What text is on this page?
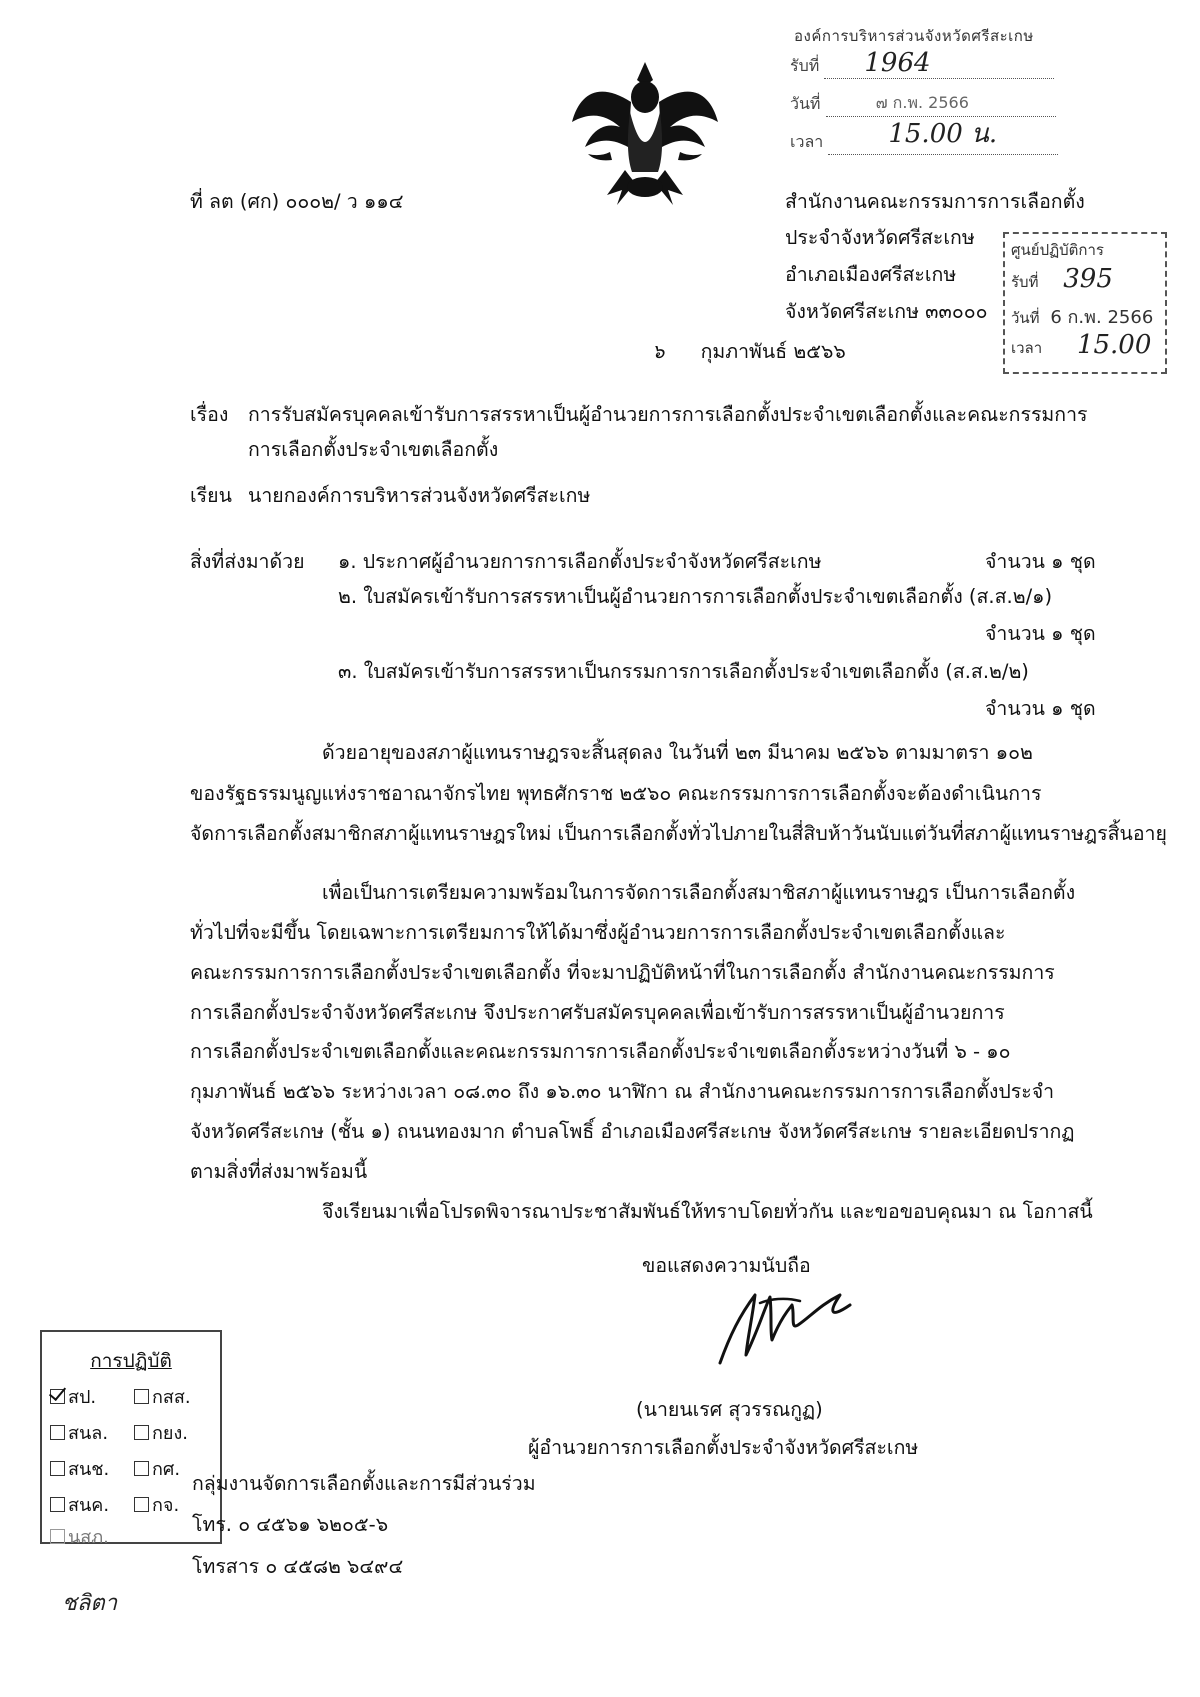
องค์การบริหารส่วนจังหวัดศรีสะเกษ
รับที่ 1964
วันที่	๗ ก.พ. 2566
เวลา	15.00 น.
ศูนย์ปฏิบัติการ
รับที่ 395
วันที่ 6 ก.พ. 2566
เวลา 15.00
ที่ ลต (ศก) ๐๐๐๒/ ว ๑๑๔	สำนักงานคณะกรรมการการเลือกตั้ง
ประจำจังหวัดศรีสะเกษ
อำเภอเมืองศรีสะเกษ
จังหวัดศรีสะเกษ ๓๓๐๐๐
๖ กุมภาพันธ์ ๒๕๖๖
เรื่อง การรับสมัครบุคคลเข้ารับการสรรหาเป็นผู้อำนวยการการเลือกตั้งประจำเขตเลือกตั้งและคณะกรรมการ
การเลือกตั้งประจำเขตเลือกตั้ง
เรียน นายกองค์การบริหารส่วนจังหวัดศรีสะเกษ
สิ่งที่ส่งมาด้วย ๑. ประกาศผู้อำนวยการการเลือกตั้งประจำจังหวัดศรีสะเกษ	จำนวน ๑ ชุด
๒. ใบสมัครเข้ารับการสรรหาเป็นผู้อำนวยการการเลือกตั้งประจำเขตเลือกตั้ง (ส.ส.๒/๑)
จำนวน ๑ ชุด
๓. ใบสมัครเข้ารับการสรรหาเป็นกรรมการการเลือกตั้งประจำเขตเลือกตั้ง (ส.ส.๒/๒)
จำนวน ๑ ชุด
ด้วยอายุของสภาผู้แทนราษฎรจะสิ้นสุดลง ในวันที่ ๒๓ มีนาคม ๒๕๖๖ ตามมาตรา ๑๐๒
ของรัฐธรรมนูญแห่งราชอาณาจักรไทย พุทธศักราช ๒๕๖๐ คณะกรรมการการเลือกตั้งจะต้องดำเนินการ
จัดการเลือกตั้งสมาชิกสภาผู้แทนราษฎรใหม่ เป็นการเลือกตั้งทั่วไปภายในสี่สิบห้าวันนับแต่วันที่สภาผู้แทนราษฎรสิ้นอายุ
เพื่อเป็นการเตรียมความพร้อมในการจัดการเลือกตั้งสมาชิสภาผู้แทนราษฎร เป็นการเลือกตั้ง
ทั่วไปที่จะมีขึ้น โดยเฉพาะการเตรียมการให้ได้มาซึ่งผู้อำนวยการการเลือกตั้งประจำเขตเลือกตั้งและ
คณะกรรมการการเลือกตั้งประจำเขตเลือกตั้ง ที่จะมาปฏิบัติหน้าที่ในการเลือกตั้ง สำนักงานคณะกรรมการ
การเลือกตั้งประจำจังหวัดศรีสะเกษ จึงประกาศรับสมัครบุคคลเพื่อเข้ารับการสรรหาเป็นผู้อำนวยการ
การเลือกตั้งประจำเขตเลือกตั้งและคณะกรรมการการเลือกตั้งประจำเขตเลือกตั้งระหว่างวันที่ ๖ - ๑๐
กุมภาพันธ์ ๒๕๖๖ ระหว่างเวลา ๐๘.๓๐ ถึง ๑๖.๓๐ นาฬิกา ณ สำนักงานคณะกรรมการการเลือกตั้งประจำ
จังหวัดศรีสะเกษ (ชั้น ๑) ถนนทองมาก ตำบลโพธิ์ อำเภอเมืองศรีสะเกษ จังหวัดศรีสะเกษ รายละเอียดปรากฏ
ตามสิ่งที่ส่งมาพร้อมนี้
จึงเรียนมาเพื่อโปรดพิจารณาประชาสัมพันธ์ให้ทราบโดยทั่วกัน และขอขอบคุณมา ณ โอกาสนี้
ขอแสดงความนับถือ
(นายนเรศ สุวรรณกูฏ)
ผู้อำนวยการการเลือกตั้งประจำจังหวัดศรีสะเกษ
การปฏิบัติ
สป.	กสส.
สนล.	กยง.
สนช.	กศ.
สนค.	กจ.
นสภ.
กลุ่มงานจัดการเลือกตั้งและการมีส่วนร่วม
โทร. ๐ ๔๕๖๑ ๖๒๐๕-๖
โทรสาร ๐ ๔๕๘๒ ๖๔๙๔
ชลิตา
